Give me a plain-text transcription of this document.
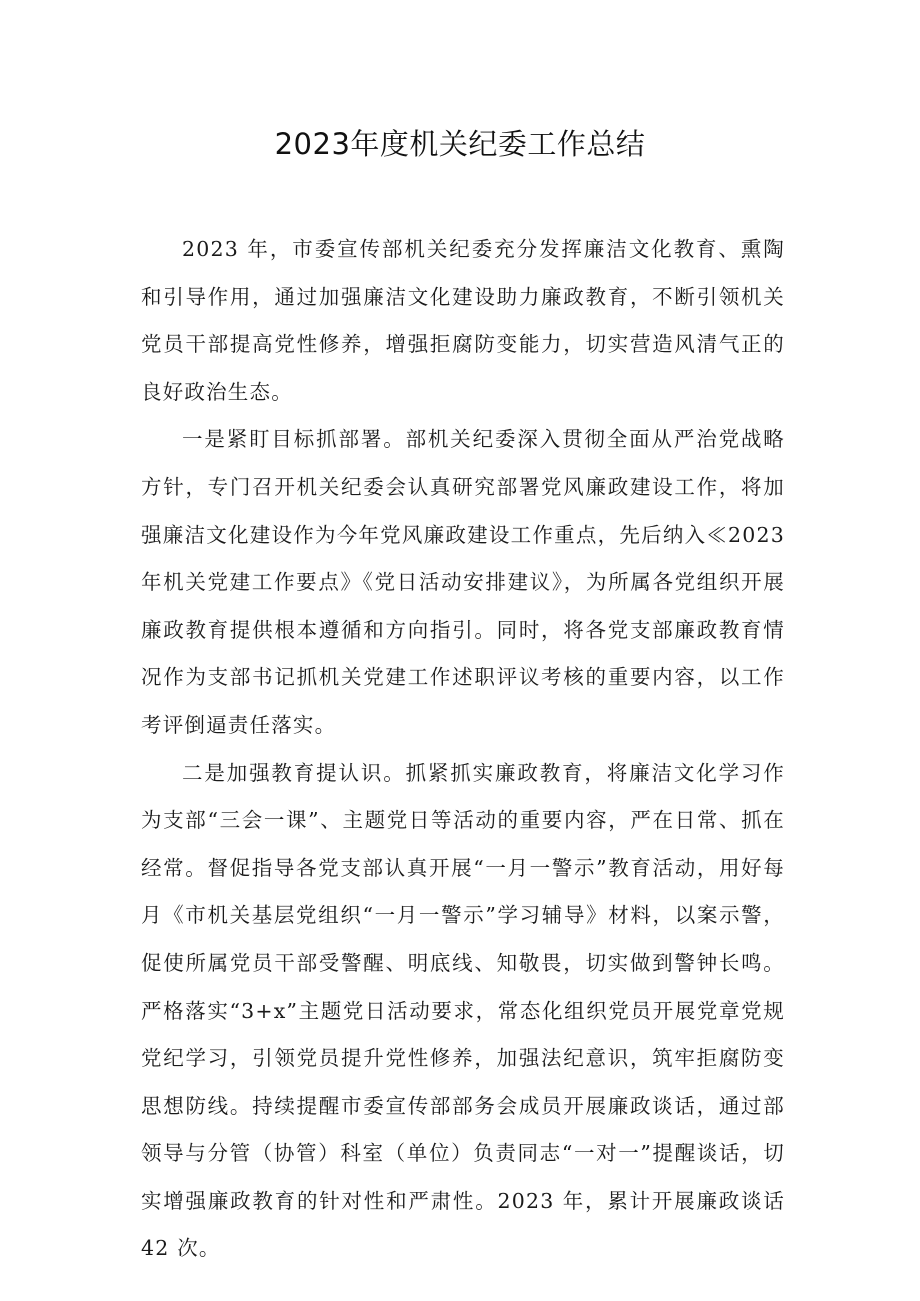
2023年度机关纪委工作总结

2023 年，市委宣传部机关纪委充分发挥廉洁文化教育、熏陶和引导作用，通过加强廉洁文化建设助力廉政教育，不断引领机关党员干部提高党性修养，增强拒腐防变能力，切实营造风清气正的良好政治生态。

一是紧盯目标抓部署。部机关纪委深入贯彻全面从严治党战略方针，专门召开机关纪委会认真研究部署党风廉政建设工作，将加强廉洁文化建设作为今年党风廉政建设工作重点，先后纳入≪2023 年机关党建工作要点》《党日活动安排建议》，为所属各党组织开展廉政教育提供根本遵循和方向指引。同时，将各党支部廉政教育情况作为支部书记抓机关党建工作述职评议考核的重要内容，以工作考评倒逼责任落实。

二是加强教育提认识。抓紧抓实廉政教育，将廉洁文化学习作为支部“三会一课”、主题党日等活动的重要内容，严在日常、抓在经常。督促指导各党支部认真开展“一月一警示”教育活动，用好每月《市机关基层党组织“一月一警示”学习辅导》材料，以案示警，促使所属党员干部受警醒、明底线、知敬畏，切实做到警钟长鸣。严格落实“3+x”主题党日活动要求，常态化组织党员开展党章党规党纪学习，引领党员提升党性修养，加强法纪意识，筑牢拒腐防变思想防线。持续提醒市委宣传部部务会成员开展廉政谈话，通过部领导与分管（协管）科室（单位）负责同志“一对一”提醒谈话，切实增强廉政教育的针对性和严肃性。2023 年，累计开展廉政谈话 42 次。
